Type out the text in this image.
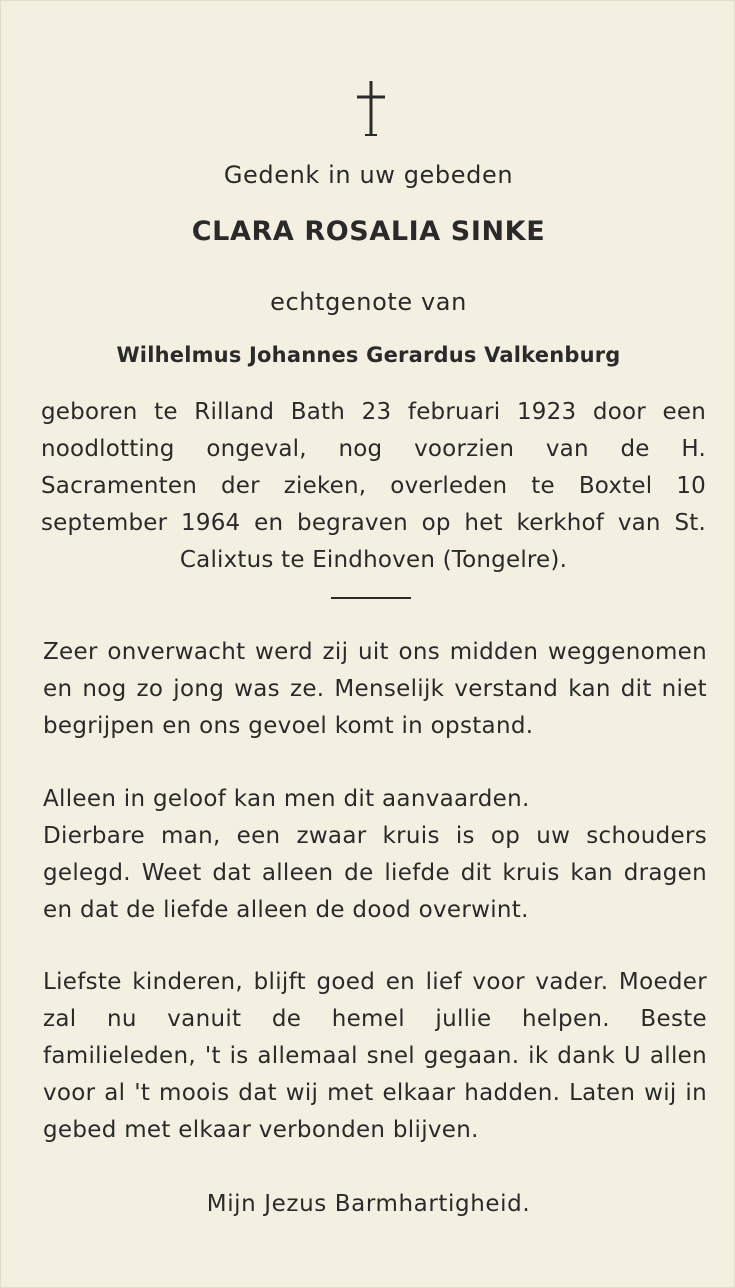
Gedenk in uw gebeden
CLARA ROSALIA SINKE
echtgenote van
Wilhelmus Johannes Gerardus Valkenburg

geboren te Rilland Bath 23 februari 1923 door een noodlotting ongeval, nog voorzien van de H. Sacramenten der zieken, overleden te Boxtel 10 september 1964 en begraven op het kerkhof van St. Calixtus te Eindhoven (Tongelre).

Zeer onverwacht werd zij uit ons midden weggenomen en nog zo jong was ze. Menselijk verstand kan dit niet begrijpen en ons gevoel komt in opstand.

Alleen in geloof kan men dit aanvaarden.

Dierbare man, een zwaar kruis is op uw schouders gelegd. Weet dat alleen de liefde dit kruis kan dragen en dat de liefde alleen de dood overwint.

Liefste kinderen, blijft goed en lief voor vader. Moeder zal nu vanuit de hemel jullie helpen. Beste familieleden, 't is allemaal snel gegaan. ik dank U allen voor al 't moois dat wij met elkaar hadden. Laten wij in gebed met elkaar verbonden blijven.

Mijn Jezus Barmhartigheid.
